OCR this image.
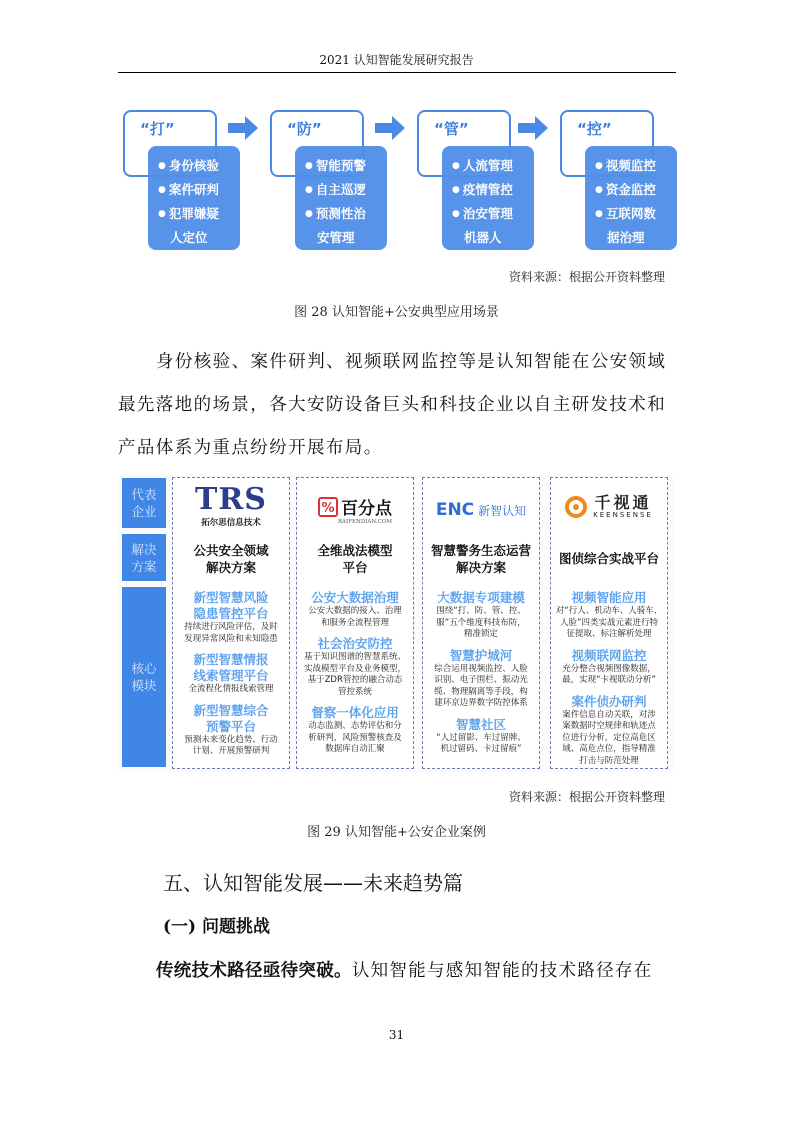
2021 认知智能发展研究报告
“打”
● 身份核验
● 案件研判
● 犯罪嫌疑
人定位
“防”
● 智能预警
● 自主巡逻
● 预测性治
安管理
“管”
● 人流管理
● 疫情管控
● 治安管理
机器人
“控”
● 视频监控
● 资金监控
● 互联网数
据治理
资料来源：根据公开资料整理
图 28 认知智能+公安典型应用场景
身份核验、案件研判、视频联网监控等是认知智能在公安领域
最先落地的场景，各大安防设备巨头和科技企业以自主研发技术和
产品体系为重点纷纷开展布局。
代表
企业
解决
方案
核心
模块
TRS
拓尔思信息技术
公共安全领域
解决方案
新型智慧风险
隐患管控平台
持续进行风险评估，及时
发现异常风险和未知隐患
新型智慧情报
线索管理平台
全流程化情报线索管理
新型智慧综合
预警平台
预测未来变化趋势、行动
计划、开展预警研判
% 百分点
BAIFENDIAN.COM
全维战法模型
平台
公安大数据治理
公安大数据的接入、治理
和服务全流程管理
社会治安防控
基于知识图谱的智慧系统、
实战模型平台及业务模型，
基于ZDR管控的融合动态
管控系统
督察一体化应用
动态监测、态势评估和分
析研判，风险预警核查及
数据库自动汇聚
ENC 新智认知
智慧警务生态运营
解决方案
大数据专项建模
围绕“打、防、管、控、
服”五个维度科技布防，
精准锁定
智慧护城河
综合运用视频监控、人脸
识别、电子围栏、振动光
缆、物理隔离等手段，构
建环京边界数字防控体系
智慧社区
“人过留影、车过留牌、
机过留码、卡过留痕”
千视通
KEENSENSE
图侦综合实战平台
视频智能应用
对“行人、机动车、人骑车、
人脸”四类实战元素进行特
征提取、标注解析处理
视频联网监控
充分整合视频图像数据，
最，实现“卡视联动分析”
案件侦办研判
案件信息自动关联，对涉
案数据时空规律和轨迹点
位进行分析，定位高危区
域、高危点位，指导精准
打击与防范处理
资料来源：根据公开资料整理
图 29 认知智能+公安企业案例
五、认知智能发展——未来趋势篇
(一) 问题挑战
传统技术路径亟待突破。认知智能与感知智能的技术路径存在
31
